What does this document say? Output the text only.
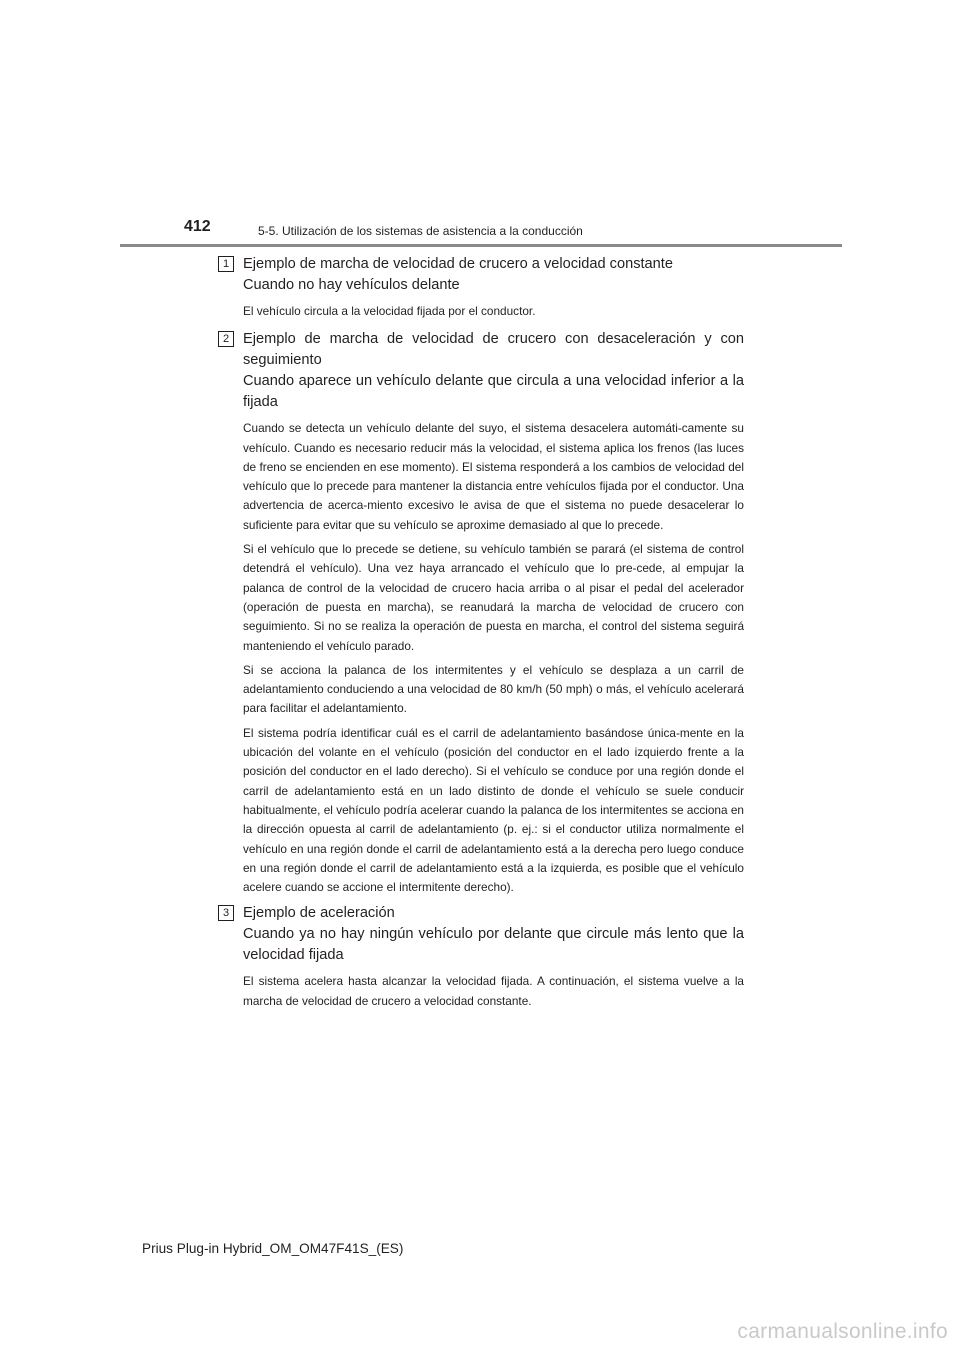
412	5-5. Utilización de los sistemas de asistencia a la conducción
1 Ejemplo de marcha de velocidad de crucero a velocidad constante
Cuando no hay vehículos delante

El vehículo circula a la velocidad fijada por el conductor.

2 Ejemplo de marcha de velocidad de crucero con desaceleración y con seguimiento
Cuando aparece un vehículo delante que circula a una velocidad inferior a la fijada

Cuando se detecta un vehículo delante del suyo, el sistema desacelera automáti-camente su vehículo. Cuando es necesario reducir más la velocidad, el sistema aplica los frenos (las luces de freno se encienden en ese momento). El sistema responderá a los cambios de velocidad del vehículo que lo precede para mantener la distancia entre vehículos fijada por el conductor. Una advertencia de acerca-miento excesivo le avisa de que el sistema no puede desacelerar lo suficiente para evitar que su vehículo se aproxime demasiado al que lo precede.

Si el vehículo que lo precede se detiene, su vehículo también se parará (el sistema de control detendrá el vehículo). Una vez haya arrancado el vehículo que lo pre-cede, al empujar la palanca de control de la velocidad de crucero hacia arriba o al pisar el pedal del acelerador (operación de puesta en marcha), se reanudará la marcha de velocidad de crucero con seguimiento. Si no se realiza la operación de puesta en marcha, el control del sistema seguirá manteniendo el vehículo parado.

Si se acciona la palanca de los intermitentes y el vehículo se desplaza a un carril de adelantamiento conduciendo a una velocidad de 80 km/h (50 mph) o más, el vehículo acelerará para facilitar el adelantamiento.

El sistema podría identificar cuál es el carril de adelantamiento basándose única-mente en la ubicación del volante en el vehículo (posición del conductor en el lado izquierdo frente a la posición del conductor en el lado derecho). Si el vehículo se conduce por una región donde el carril de adelantamiento está en un lado distinto de donde el vehículo se suele conducir habitualmente, el vehículo podría acelerar cuando la palanca de los intermitentes se acciona en la dirección opuesta al carril de adelantamiento (p. ej.: si el conductor utiliza normalmente el vehículo en una región donde el carril de adelantamiento está a la derecha pero luego conduce en una región donde el carril de adelantamiento está a la izquierda, es posible que el vehículo acelere cuando se accione el intermitente derecho).

3 Ejemplo de aceleración
Cuando ya no hay ningún vehículo por delante que circule más lento que la velocidad fijada

El sistema acelera hasta alcanzar la velocidad fijada. A continuación, el sistema vuelve a la marcha de velocidad de crucero a velocidad constante.

Prius Plug-in Hybrid_OM_OM47F41S_(ES)
carmanualsonline.info
